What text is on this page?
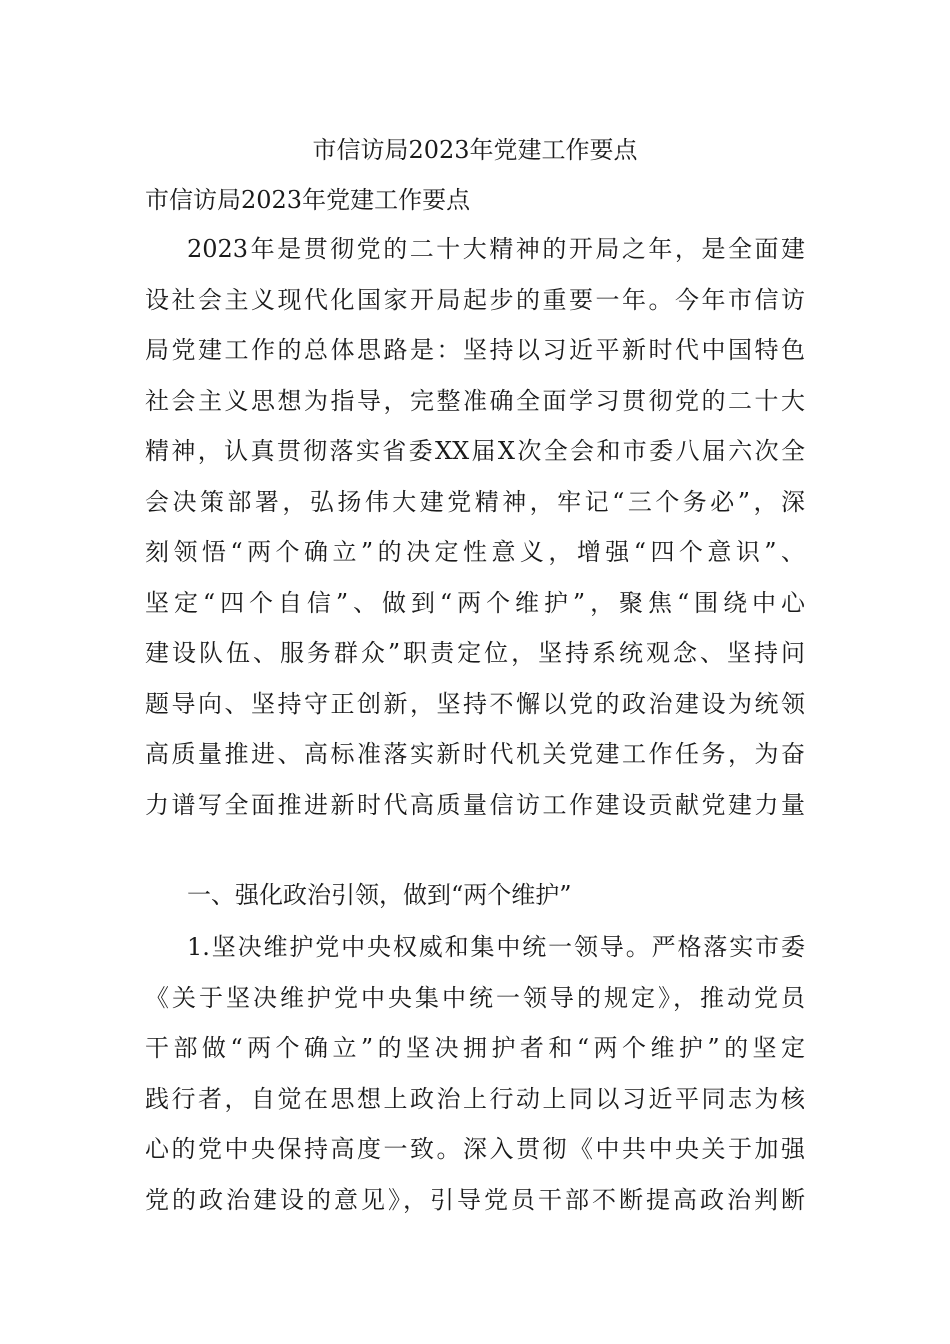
市信访局2023年党建工作要点
市信访局2023年党建工作要点
2023年是贯彻党的二十大精神的开局之年，是全面建
设社会主义现代化国家开局起步的重要一年。今年市信访
局党建工作的总体思路是：坚持以习近平新时代中国特色
社会主义思想为指导，完整准确全面学习贯彻党的二十大
精神，认真贯彻落实省委XX届X次全会和市委八届六次全
会决策部署，弘扬伟大建党精神，牢记“三个务必”，深
刻领悟“两个确立”的决定性意义，增强“四个意识”、
坚定“四个自信”、做到“两个维护”，聚焦“围绕中心
建设队伍、服务群众”职责定位，坚持系统观念、坚持问
题导向、坚持守正创新，坚持不懈以党的政治建设为统领
高质量推进、高标准落实新时代机关党建工作任务，为奋
力谱写全面推进新时代高质量信访工作建设贡献党建力量
一、强化政治引领，做到“两个维护”
1.坚决维护党中央权威和集中统一领导。严格落实市委
《关于坚决维护党中央集中统一领导的规定》，推动党员
干部做“两个确立”的坚决拥护者和“两个维护”的坚定
践行者，自觉在思想上政治上行动上同以习近平同志为核
心的党中央保持高度一致。深入贯彻《中共中央关于加强
党的政治建设的意见》，引导党员干部不断提高政治判断
